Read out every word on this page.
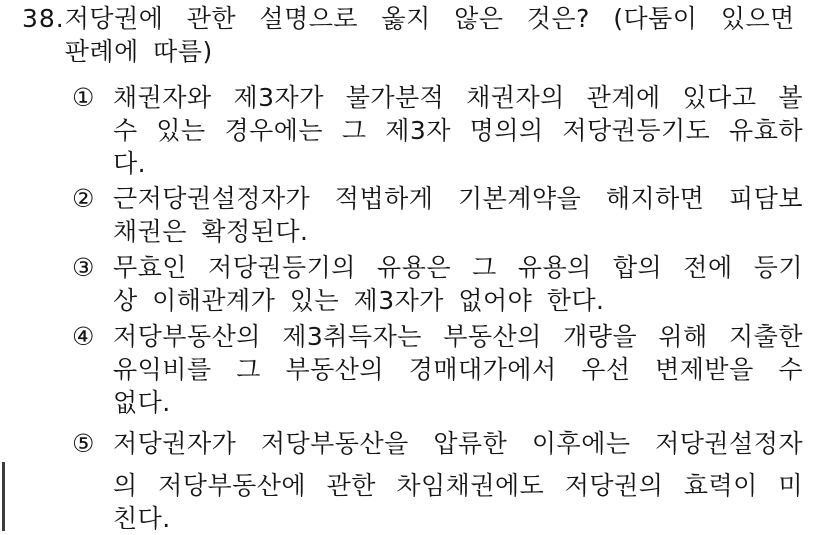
38. 저당권에 관한 설명으로 옳지 않은 것은? (다툼이 있으면
판례에 따름)
① 채권자와 제3자가 불가분적 채권자의 관계에 있다고 볼
수 있는 경우에는 그 제3자 명의의 저당권등기도 유효하
다.
② 근저당권설정자가 적법하게 기본계약을 해지하면 피담보
채권은 확정된다.
③ 무효인 저당권등기의 유용은 그 유용의 합의 전에 등기
상 이해관계가 있는 제3자가 없어야 한다.
④ 저당부동산의 제3취득자는 부동산의 개량을 위해 지출한
유익비를 그 부동산의 경매대가에서 우선 변제받을 수
없다.
⑤ 저당권자가 저당부동산을 압류한 이후에는 저당권설정자
의 저당부동산에 관한 차임채권에도 저당권의 효력이 미
친다.
